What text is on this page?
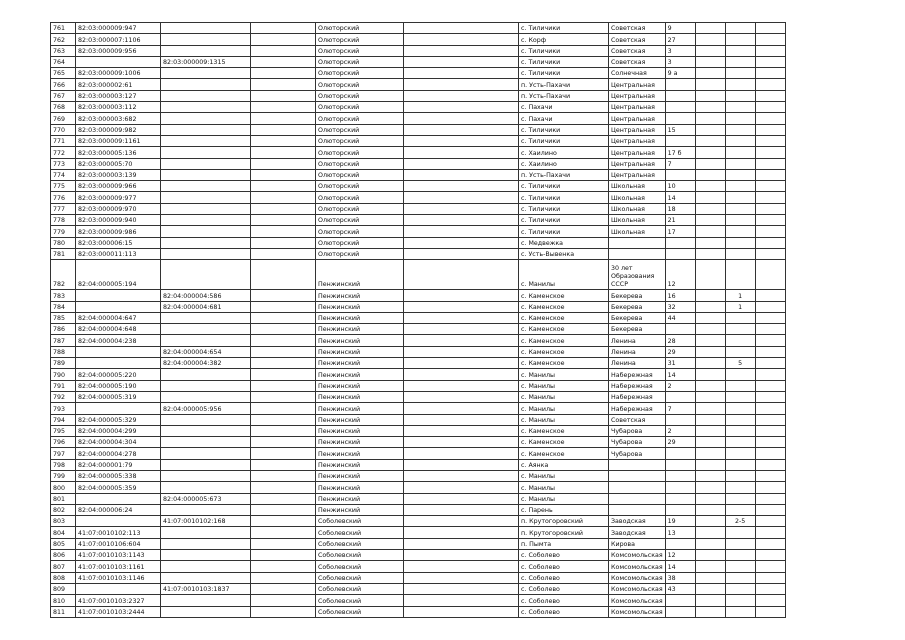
761	82:03:000009:947			Олюторский		с. Тиличики	Советская	9			
762	82:03:000007:1106			Олюторский		с. Корф	Советская	27			
763	82:03:000009:956			Олюторский		с. Тиличики	Советская	3			
764		82:03:000009:1315		Олюторский		с. Тиличики	Советская	3			
765	82:03:000009:1006			Олюторский		с. Тиличики	Солнечная	9 а			
766	82:03:000002:61			Олюторский		п. Усть-Пахачи	Центральная				
767	82:03:000003:127			Олюторский		п. Усть-Пахачи	Центральная				
768	82:03:000003:112			Олюторский		с. Пахачи	Центральная				
769	82:03:000003:682			Олюторский		с. Пахачи	Центральная				
770	82:03:000009:982			Олюторский		с. Тиличики	Центральная	15			
771	82:03:000009:1161			Олюторский		с. Тиличики	Центральная				
772	82:03:000005:136			Олюторский		с. Хаилино	Центральная	17 б			
773	82:03:000005:70			Олюторский		с. Хаилино	Центральная	7			
774	82:03:000003:139			Олюторский		п. Усть-Пахачи	Центральная				
775	82:03:000009:966			Олюторский		с. Тиличики	Школьная	10			
776	82:03:000009:977			Олюторский		с. Тиличики	Школьная	14			
777	82:03:000009:970			Олюторский		с. Тиличики	Школьная	18			
778	82:03:000009:940			Олюторский		с. Тиличики	Школьная	21			
779	82:03:000009:986			Олюторский		с. Тиличики	Школьная	17			
780	82:03:000006:15			Олюторский		с. Медвежка					
781	82:03:000011:113			Олюторский		с. Усть-Вывенка					
782	82:04:000005:194			Пенжинский		с. Манилы	30 лет Образования СССР	12			
783		82:04:000004:586		Пенжинский		с. Каменское	Бекерева	16		1	
784		82:04:000004:681		Пенжинский		с. Каменское	Бекерева	32		1	
785	82:04:000004:647			Пенжинский		с. Каменское	Бекерева	44			
786	82:04:000004:648			Пенжинский		с. Каменское	Бекерева				
787	82:04:000004:238			Пенжинский		с. Каменское	Ленина	28			
788		82:04:000004:654		Пенжинский		с. Каменское	Ленина	29			
789		82:04:000004:382		Пенжинский		с. Каменское	Ленина	31		5	
790	82:04:000005:220			Пенжинский		с. Манилы	Набережная	14			
791	82:04:000005:190			Пенжинский		с. Манилы	Набережная	2			
792	82:04:000005:319			Пенжинский		с. Манилы	Набережная				
793		82:04:000005:956		Пенжинский		с. Манилы	Набережная	7			
794	82:04:000005:329			Пенжинский		с. Манилы	Советская				
795	82:04:000004:299			Пенжинский		с. Каменское	Чубарова	2			
796	82:04:000004:304			Пенжинский		с. Каменское	Чубарова	29			
797	82:04:000004:278			Пенжинский		с. Каменское	Чубарова				
798	82:04:000001:79			Пенжинский		с. Аянка					
799	82:04:000005:338			Пенжинский		с. Манилы					
800	82:04:000005:359			Пенжинский		с. Манилы					
801		82:04:000005:673		Пенжинский		с. Манилы					
802	82:04:000006:24			Пенжинский		с. Парень					
803		41:07:0010102:168		Соболевский		п. Крутогоровский	Заводская	19		2-5	
804	41:07:0010102:113			Соболевский		п. Крутогоровский	Заводская	13			
805	41:07:0010106:604			Соболевский		п. Пымта	Кирова				
806	41:07:0010103:1143			Соболевский		с. Соболево	Комсомольская	12			
807	41:07:0010103:1161			Соболевский		с. Соболево	Комсомольская	14			
808	41:07:0010103:1146			Соболевский		с. Соболево	Комсомольская	38			
809		41:07:0010103:1837		Соболевский		с. Соболево	Комсомольская	43			
810	41:07:0010103:2327			Соболевский		с. Соболево	Комсомольская				
811	41:07:0010103:2444			Соболевский		с. Соболево	Комсомольская				
